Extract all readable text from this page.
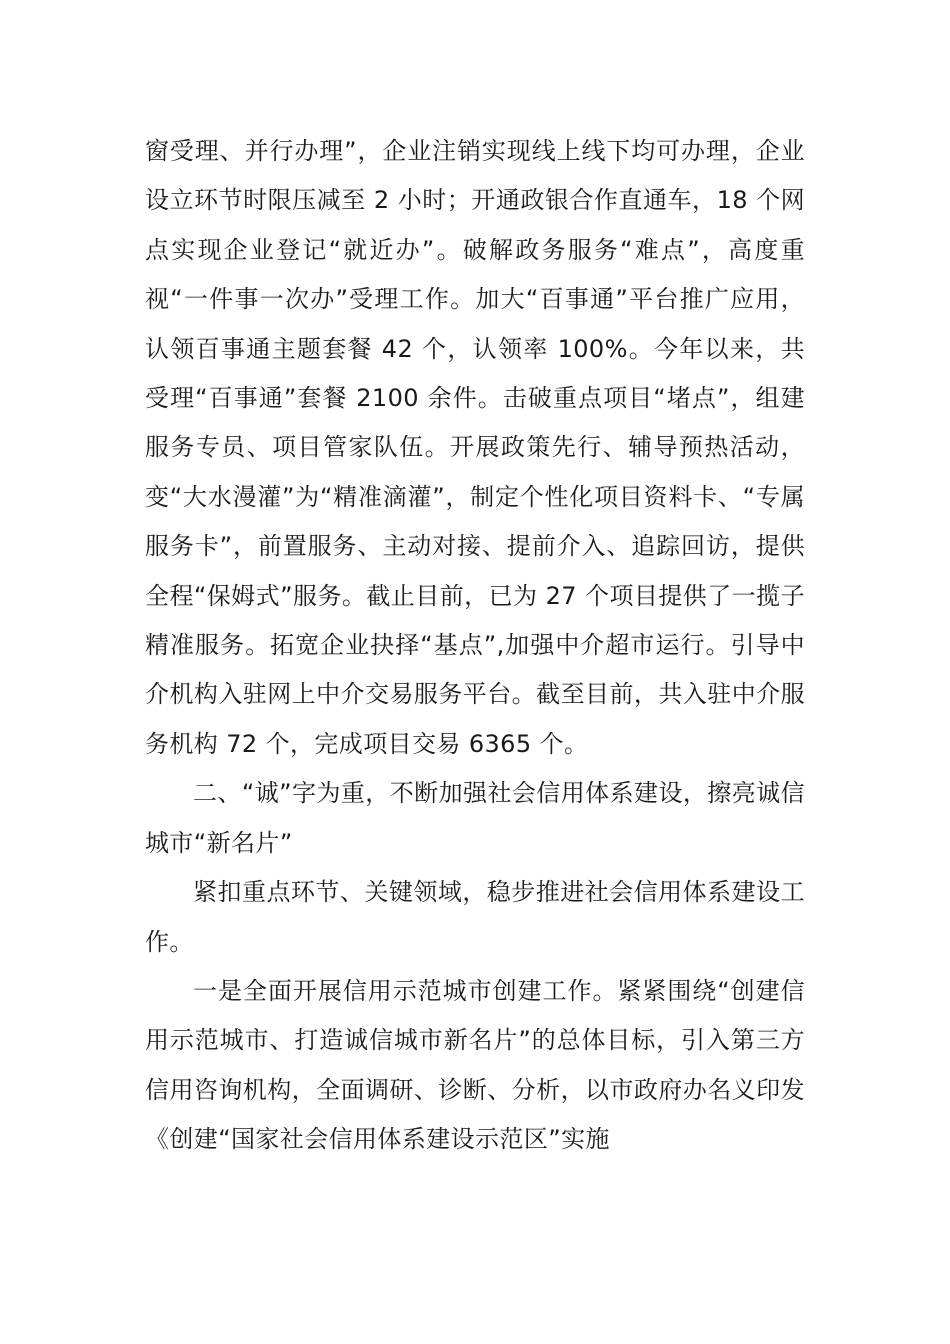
窗受理、并行办理”，企业注销实现线上线下均可办理，企业设立环节时限压减至 2 小时；开通政银合作直通车，18 个网点实现企业登记“就近办”。破解政务服务“难点”，高度重视“一件事一次办”受理工作。加大“百事通”平台推广应用，认领百事通主题套餐 42 个，认领率 100%。今年以来，共受理“百事通”套餐 2100 余件。击破重点项目“堵点”，组建服务专员、项目管家队伍。开展政策先行、辅导预热活动，变“大水漫灌”为“精准滴灌”，制定个性化项目资料卡、“专属服务卡”，前置服务、主动对接、提前介入、追踪回访，提供全程“保姆式”服务。截止目前，已为 27 个项目提供了一揽子精准服务。拓宽企业抉择“基点”,加强中介超市运行。引导中介机构入驻网上中介交易服务平台。截至目前，共入驻中介服务机构 72 个，完成项目交易 6365 个。

二、“诚”字为重，不断加强社会信用体系建设，擦亮诚信城市“新名片”

紧扣重点环节、关键领域，稳步推进社会信用体系建设工作。

一是全面开展信用示范城市创建工作。紧紧围绕“创建信用示范城市、打造诚信城市新名片”的总体目标，引入第三方信用咨询机构，全面调研、诊断、分析，以市政府办名义印发《创建“国家社会信用体系建设示范区”实施
